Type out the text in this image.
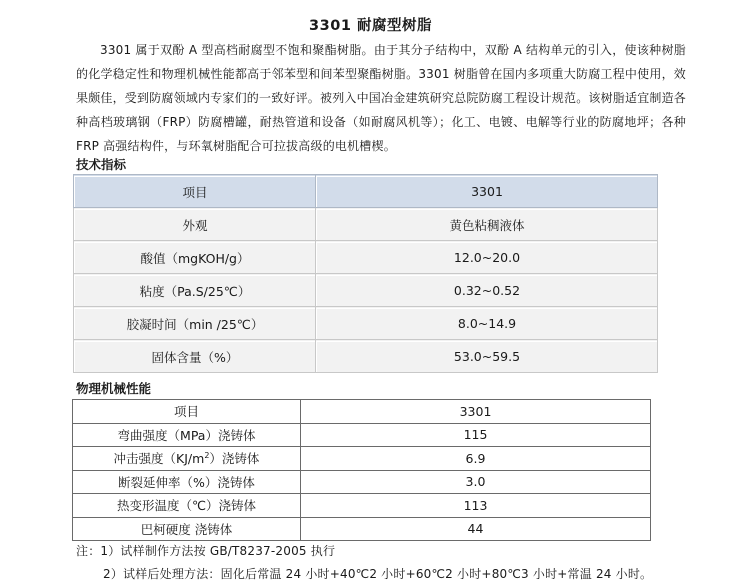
3301 耐腐型树脂
3301 属于双酚 A 型高档耐腐型不饱和聚酯树脂。由于其分子结构中，双酚 A 结构单元的引入，使该种树脂的化学稳定性和物理机械性能都高于邻苯型和间苯型聚酯树脂。3301 树脂曾在国内多项重大防腐工程中使用，效果颇佳，受到防腐领域内专家们的一致好评。被列入中国冶金建筑研究总院防腐工程设计规范。该树脂适宜制造各种高档玻璃钢（FRP）防腐槽罐，耐热管道和设备（如耐腐风机等）；化工、电镀、电解等行业的防腐地坪；各种 FRP 高强结构件，与环氧树脂配合可拉拔高级的电机槽楔。
技术指标
项目	3301

外观	黄色粘稠液体

酸值（mgKOH/g）	12.0~20.0

粘度（Pa.S/25℃）	0.32~0.52

胶凝时间（min /25℃）	8.0~14.9

固体含量（%）	53.0~59.5
物理机械性能
项目	3301
弯曲强度（MPa）浇铸体	115
冲击强度$(KJ/m^2)$浇铸体	6.9
断裂延伸率（%）浇铸体	3.0
热变形温度（℃）浇铸体	113
巴柯硬度 浇铸体	44
注：1）试样制作方法按 GB/T8237-2005 执行
2）试样后处理方法：固化后常温 24 小时+40℃2 小时+60℃2 小时+80℃3 小时+常温 24 小时。
